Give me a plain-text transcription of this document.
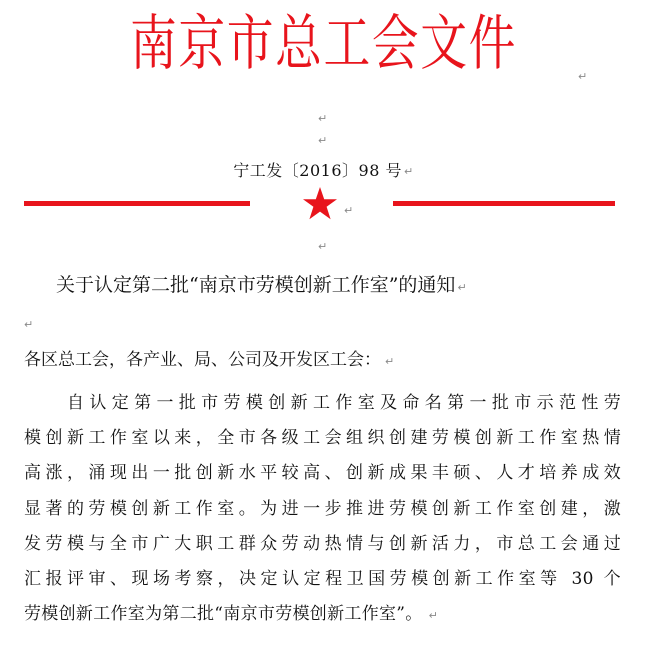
南京市总工会文件	↵
↵
↵
宁工发〔2016〕98 号 ↵
↵
↵
关于认定第二批“南京市劳模创新工作室”的通知 ↵
↵
各区总工会，各产业、局、公司及开发区工会： ↵
自认定第一批市劳模创新工作室及命名第一批市示范性劳
模创新工作室以来，全市各级工会组织创建劳模创新工作室热情
高涨，涌现出一批创新水平较高、创新成果丰硕、人才培养成效
显著的劳模创新工作室。为进一步推进劳模创新工作室创建，激
发劳模与全市广大职工群众劳动热情与创新活力，市总工会通过
汇报评审、现场考察，决定认定程卫国劳模创新工作室等 30 个
劳模创新工作室为第二批“南京市劳模创新工作室”。 ↵
